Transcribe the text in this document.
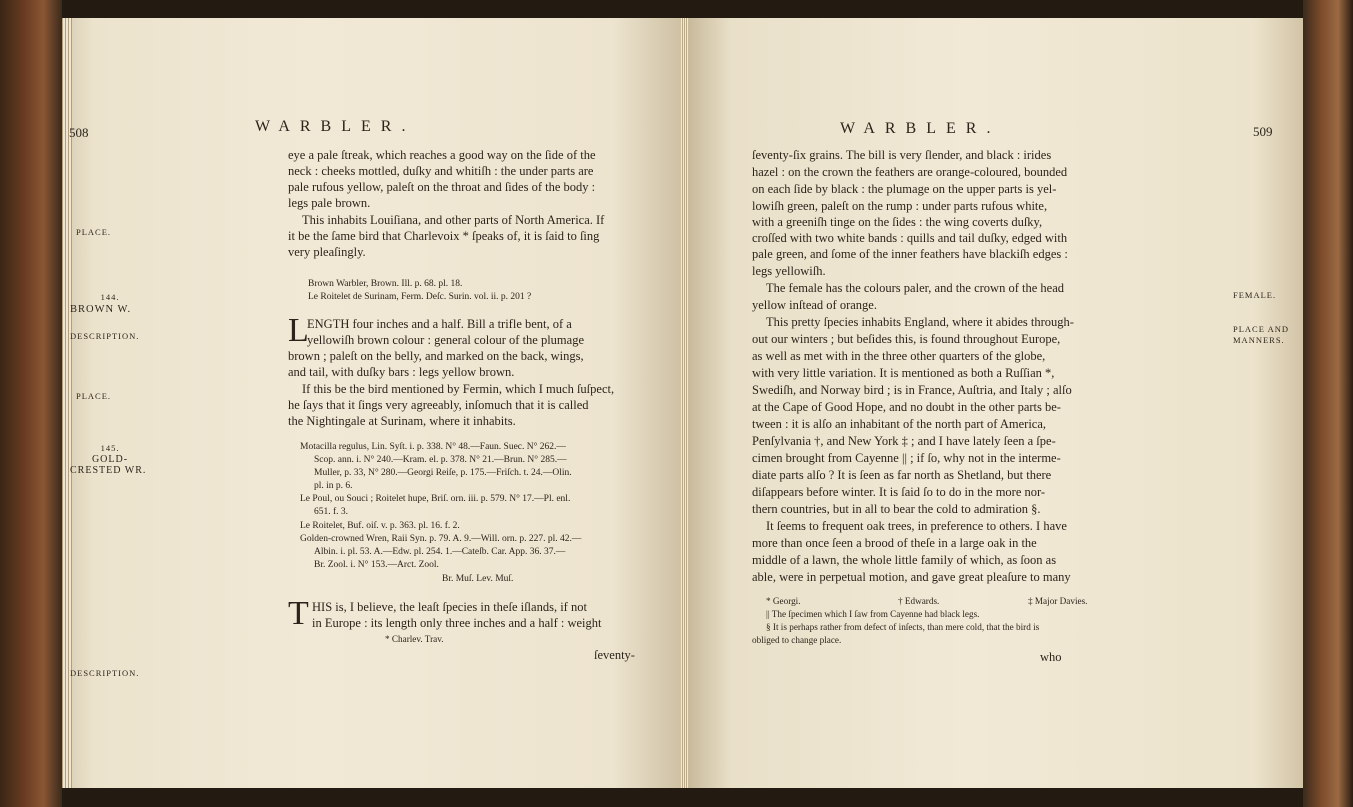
508	WARBLER.
PLACE.
144.
BROWN W.
DESCRIPTION.
PLACE.
145.
GOLD-
CRESTED WR.
DESCRIPTION.
eye a pale ſtreak, which reaches a good way on the ſide of the
neck : cheeks mottled, duſky and whitiſh : the under parts are
pale rufous yellow, paleſt on the throat and ſides of the body :
legs pale brown.
This inhabits Louiſiana, and other parts of North America. If
it be the ſame bird that Charlevoix * ſpeaks of, it is ſaid to ſing
very pleaſingly.
Brown Warbler, Brown. Ill. p. 68. pl. 18.
Le Roitelet de Surinam, Ferm. Deſc. Surin. vol. ii. p. 201 ?
L
ENGTH four inches and a half. Bill a trifle bent, of a
yellowiſh brown colour : general colour of the plumage
brown ; paleſt on the belly, and marked on the back, wings,
and tail, with duſky bars : legs yellow brown.
If this be the bird mentioned by Fermin, which I much ſuſpect,
he ſays that it ſings very agreeably, inſomuch that it is called
the Nightingale at Surinam, where it inhabits.
Motacilla regulus, Lin. Syſt. i. p. 338. N° 48.—Faun. Suec. N° 262.—
Scop. ann. i. N° 240.—Kram. el. p. 378. N° 21.—Brun. N° 285.—
Muller, p. 33, N° 280.—Georgi Reiſe, p. 175.—Friſch. t. 24.—Olin.
pl. in p. 6.
Le Poul, ou Souci ; Roitelet hupe, Briſ. orn. iii. p. 579. N° 17.—Pl. enl.
651. f. 3.
Le Roitelet, Buf. oiſ. v. p. 363. pl. 16. f. 2.
Golden-crowned Wren, Raii Syn. p. 79. A. 9.—Will. orn. p. 227. pl. 42.—
Albin. i. pl. 53. A.—Edw. pl. 254. 1.—Cateſb. Car. App. 36. 37.—
Br. Zool. i. N° 153.—Arct. Zool.
Br. Muſ. Lev. Muſ.
T HIS is, I believe, the leaſt ſpecies in theſe iſlands, if not
in Europe : its length only three inches and a half : weight
* Charlev. Trav.
ſeventy-
509
WARBLER.
FEMALE.
PLACE AND
MANNERS.
ſeventy-ſix grains. The bill is very ſlender, and black : irides
hazel : on the crown the feathers are orange-coloured, bounded
on each ſide by black : the plumage on the upper parts is yel-
lowiſh green, paleſt on the rump : under parts rufous white,
with a greeniſh tinge on the ſides : the wing coverts duſky,
croſſed with two white bands : quills and tail duſky, edged with
pale green, and ſome of the inner feathers have blackiſh edges :
legs yellowiſh.
The female has the colours paler, and the crown of the head
yellow inſtead of orange.
This pretty ſpecies inhabits England, where it abides through-
out our winters ; but beſides this, is found throughout Europe,
as well as met with in the three other quarters of the globe,
with very little variation. It is mentioned as both a Ruſſian *,
Swediſh, and Norway bird ; is in France, Auſtria, and Italy ; alſo
at the Cape of Good Hope, and no doubt in the other parts be-
tween : it is alſo an inhabitant of the north part of America,
Penſylvania †, and New York ‡ ; and I have lately ſeen a ſpe-
cimen brought from Cayenne || ; if ſo, why not in the interme-
diate parts alſo ? It is ſeen as far north as Shetland, but there
diſappears before winter. It is ſaid ſo to do in the more nor-
thern countries, but in all to bear the cold to admiration §.
It ſeems to frequent oak trees, in preference to others. I have
more than once ſeen a brood of theſe in a large oak in the
middle of a lawn, the whole little family of which, as ſoon as
able, were in perpetual motion, and gave great pleaſure to many
* Georgi.	† Edwards.	‡ Major Davies.
|| The ſpecimen which I ſaw from Cayenne had black legs.
§ It is perhaps rather from defect of inſects, than mere cold, that the bird is
obliged to change place.
who
